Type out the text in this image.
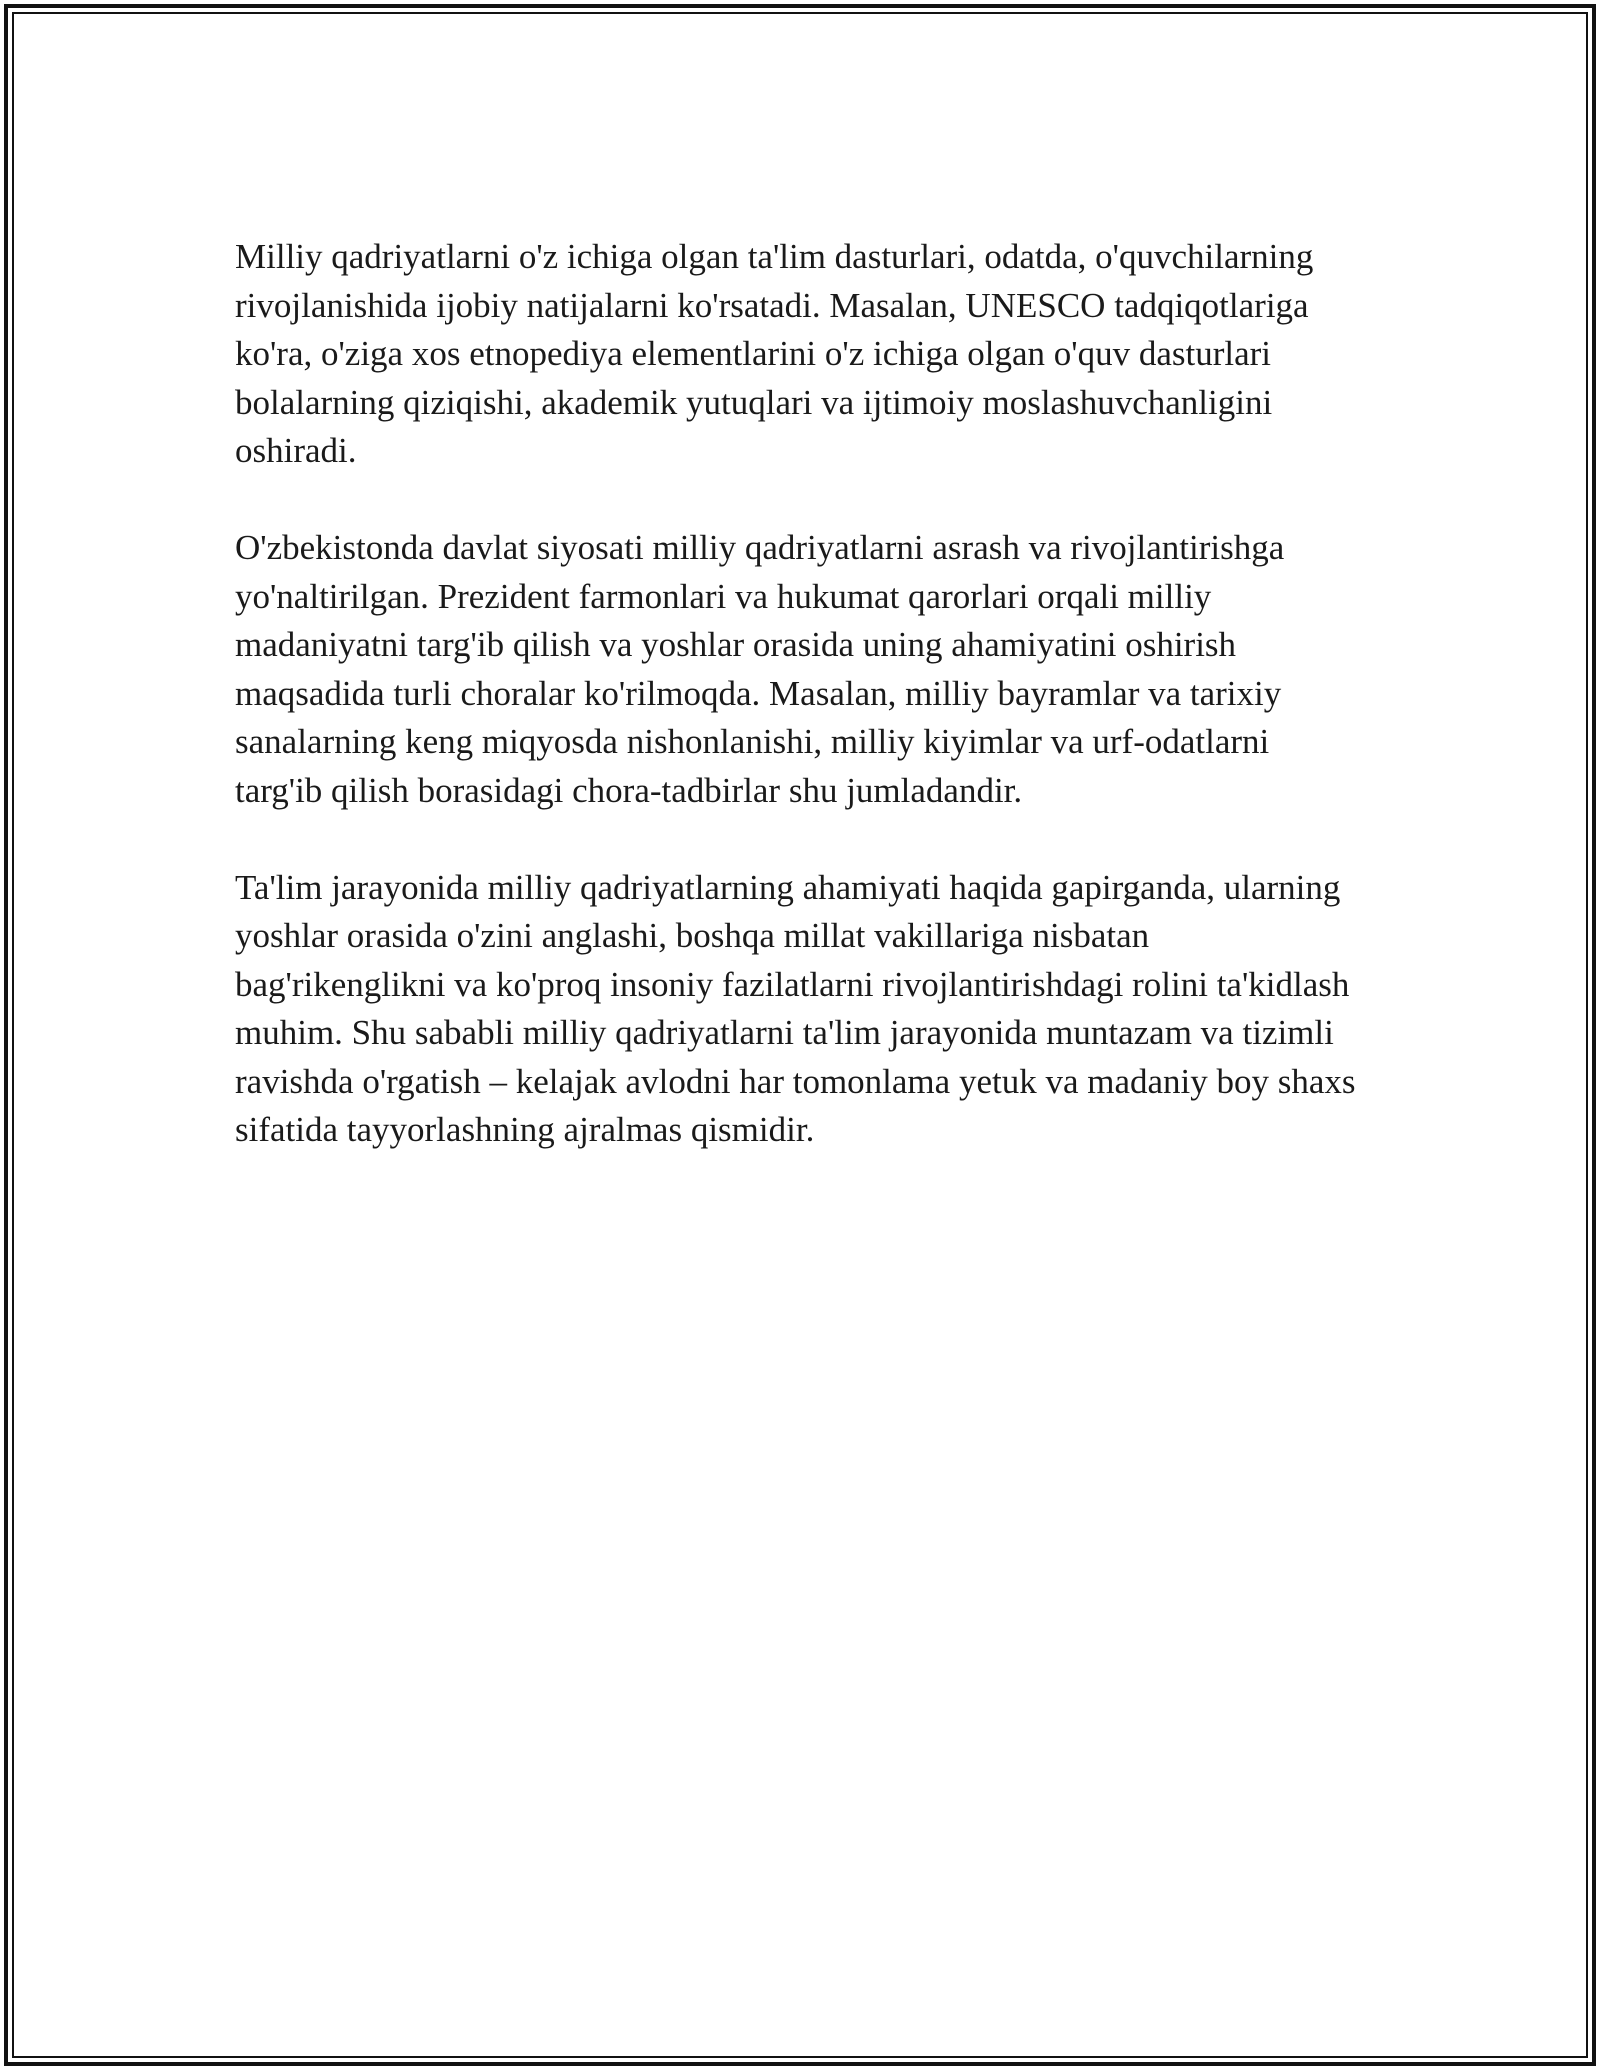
Milliy qadriyatlarni o'z ichiga olgan ta'lim dasturlari, odatda, o'quvchilarning rivojlanishida ijobiy natijalarni ko'rsatadi. Masalan, UNESCO tadqiqotlariga ko'ra, o'ziga xos etnopediya elementlarini o'z ichiga olgan o'quv dasturlari bolalarning qiziqishi, akademik yutuqlari va ijtimoiy moslashuvchanligini oshiradi.

O'zbekistonda davlat siyosati milliy qadriyatlarni asrash va rivojlantirishga yo'naltirilgan. Prezident farmonlari va hukumat qarorlari orqali milliy madaniyatni targ'ib qilish va yoshlar orasida uning ahamiyatini oshirish maqsadida turli choralar ko'rilmoqda. Masalan, milliy bayramlar va tarixiy sanalarning keng miqyosda nishonlanishi, milliy kiyimlar va urf-odatlarni targ'ib qilish borasidagi chora-tadbirlar shu jumladandir.

Ta'lim jarayonida milliy qadriyatlarning ahamiyati haqida gapirganda, ularning yoshlar orasida o'zini anglashi, boshqa millat vakillariga nisbatan bag'rikenglikni va ko'proq insoniy fazilatlarni rivojlantirishdagi rolini ta'kidlash muhim. Shu sababli milliy qadriyatlarni ta'lim jarayonida muntazam va tizimli ravishda o'rgatish – kelajak avlodni har tomonlama yetuk va madaniy boy shaxs sifatida tayyorlashning ajralmas qismidir.
